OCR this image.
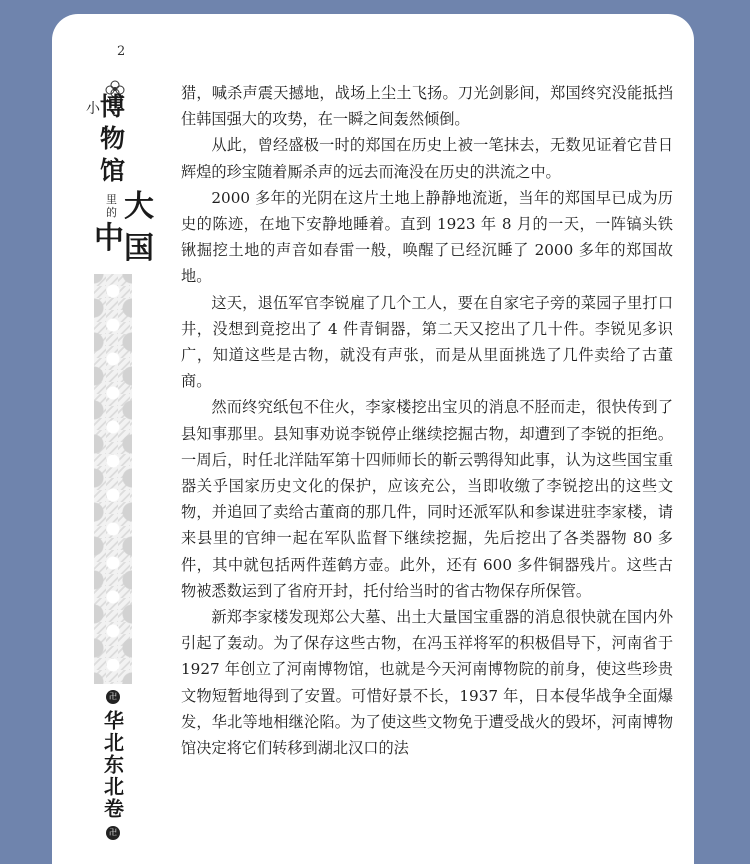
2
小 博
物
馆
里
的 大
中 国
卍
华北东北卷
卍

猎，喊杀声震天撼地，战场上尘土飞扬。刀光剑影间，郑国终究没能抵挡住韩国强大的攻势，在一瞬之间轰然倾倒。

从此，曾经盛极一时的郑国在历史上被一笔抹去，无数见证着它昔日辉煌的珍宝随着厮杀声的远去而淹没在历史的洪流之中。

2000 多年的光阴在这片土地上静静地流逝，当年的郑国早已成为历史的陈迹，在地下安静地睡着。直到 1923 年 8 月的一天，一阵镐头铁锹掘挖土地的声音如春雷一般，唤醒了已经沉睡了 2000 多年的郑国故地。

这天，退伍军官李锐雇了几个工人，要在自家宅子旁的菜园子里打口井，没想到竟挖出了 4 件青铜器，第二天又挖出了几十件。李锐见多识广，知道这些是古物，就没有声张，而是从里面挑选了几件卖给了古董商。

然而终究纸包不住火，李家楼挖出宝贝的消息不胫而走，很快传到了县知事那里。县知事劝说李锐停止继续挖掘古物，却遭到了李锐的拒绝。一周后，时任北洋陆军第十四师师长的靳云鹗得知此事，认为这些国宝重器关乎国家历史文化的保护，应该充公，当即收缴了李锐挖出的这些文物，并追回了卖给古董商的那几件，同时还派军队和参谋进驻李家楼，请来县里的官绅一起在军队监督下继续挖掘，先后挖出了各类器物 80 多件，其中就包括两件莲鹤方壶。此外，还有 600 多件铜器残片。这些古物被悉数运到了省府开封，托付给当时的省古物保存所保管。

新郑李家楼发现郑公大墓、出土大量国宝重器的消息很快就在国内外引起了轰动。为了保存这些古物，在冯玉祥将军的积极倡导下，河南省于 1927 年创立了河南博物馆，也就是今天河南博物院的前身，使这些珍贵文物短暂地得到了安置。可惜好景不长，1937 年，日本侵华战争全面爆发，华北等地相继沦陷。为了使这些文物免于遭受战火的毁坏，河南博物馆决定将它们转移到湖北汉口的法
